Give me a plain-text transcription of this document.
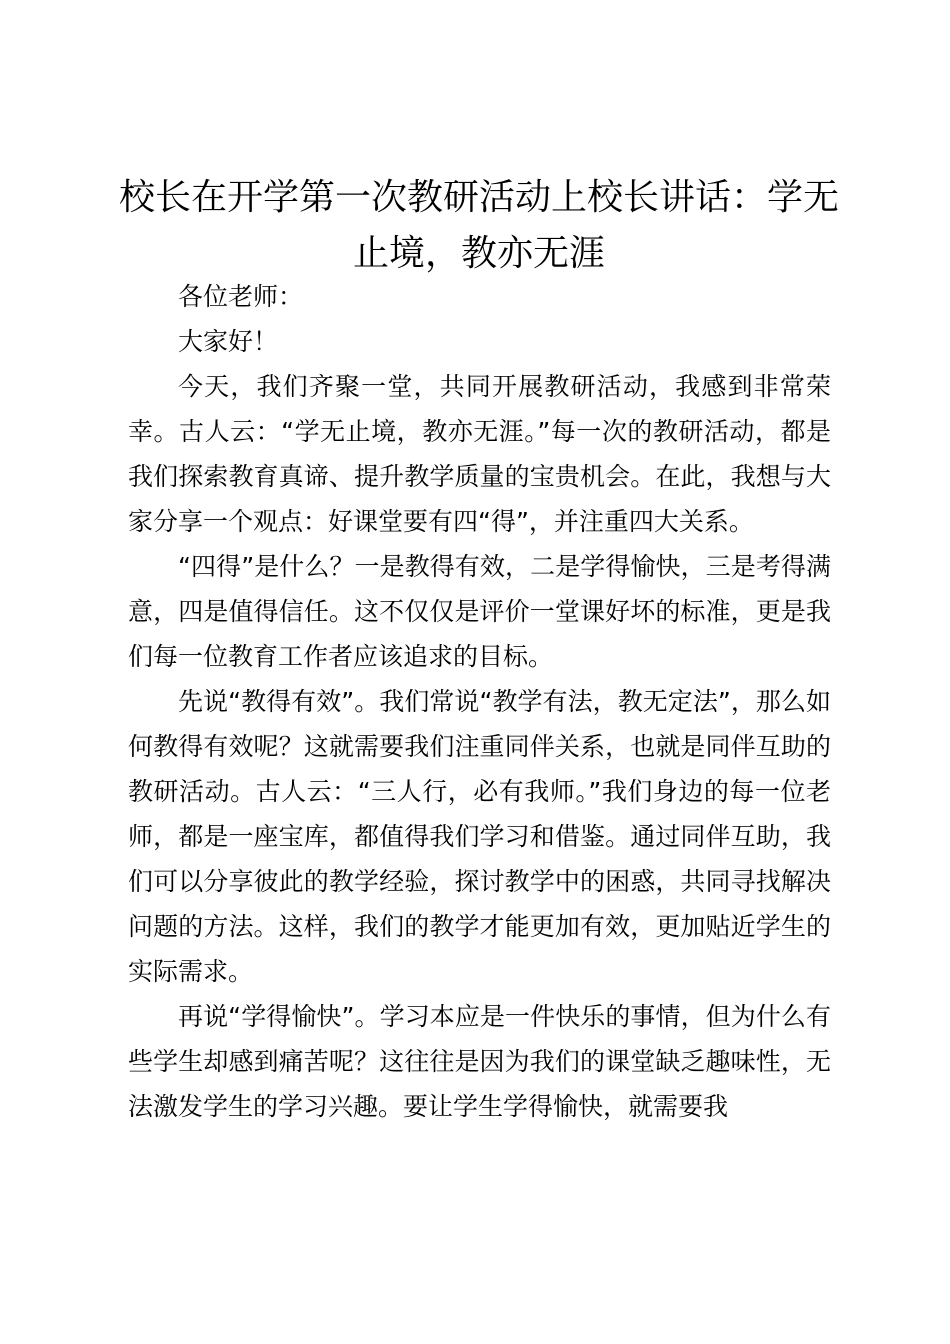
校长在开学第一次教研活动上校长讲话：学无止境，教亦无涯

各位老师：

大家好！

今天，我们齐聚一堂，共同开展教研活动，我感到非常荣幸。古人云：“学无止境，教亦无涯。”每一次的教研活动，都是我们探索教育真谛、提升教学质量的宝贵机会。在此，我想与大家分享一个观点：好课堂要有四“得”，并注重四大关系。

“四得”是什么？一是教得有效，二是学得愉快，三是考得满意，四是值得信任。这不仅仅是评价一堂课好坏的标准，更是我们每一位教育工作者应该追求的目标。

先说“教得有效”。我们常说“教学有法，教无定法”，那么如何教得有效呢？这就需要我们注重同伴关系，也就是同伴互助的教研活动。古人云：“三人行，必有我师。”我们身边的每一位老师，都是一座宝库，都值得我们学习和借鉴。通过同伴互助，我们可以分享彼此的教学经验，探讨教学中的困惑，共同寻找解决问题的方法。这样，我们的教学才能更加有效，更加贴近学生的实际需求。

再说“学得愉快”。学习本应是一件快乐的事情，但为什么有些学生却感到痛苦呢？这往往是因为我们的课堂缺乏趣味性，无法激发学生的学习兴趣。要让学生学得愉快，就需要我
